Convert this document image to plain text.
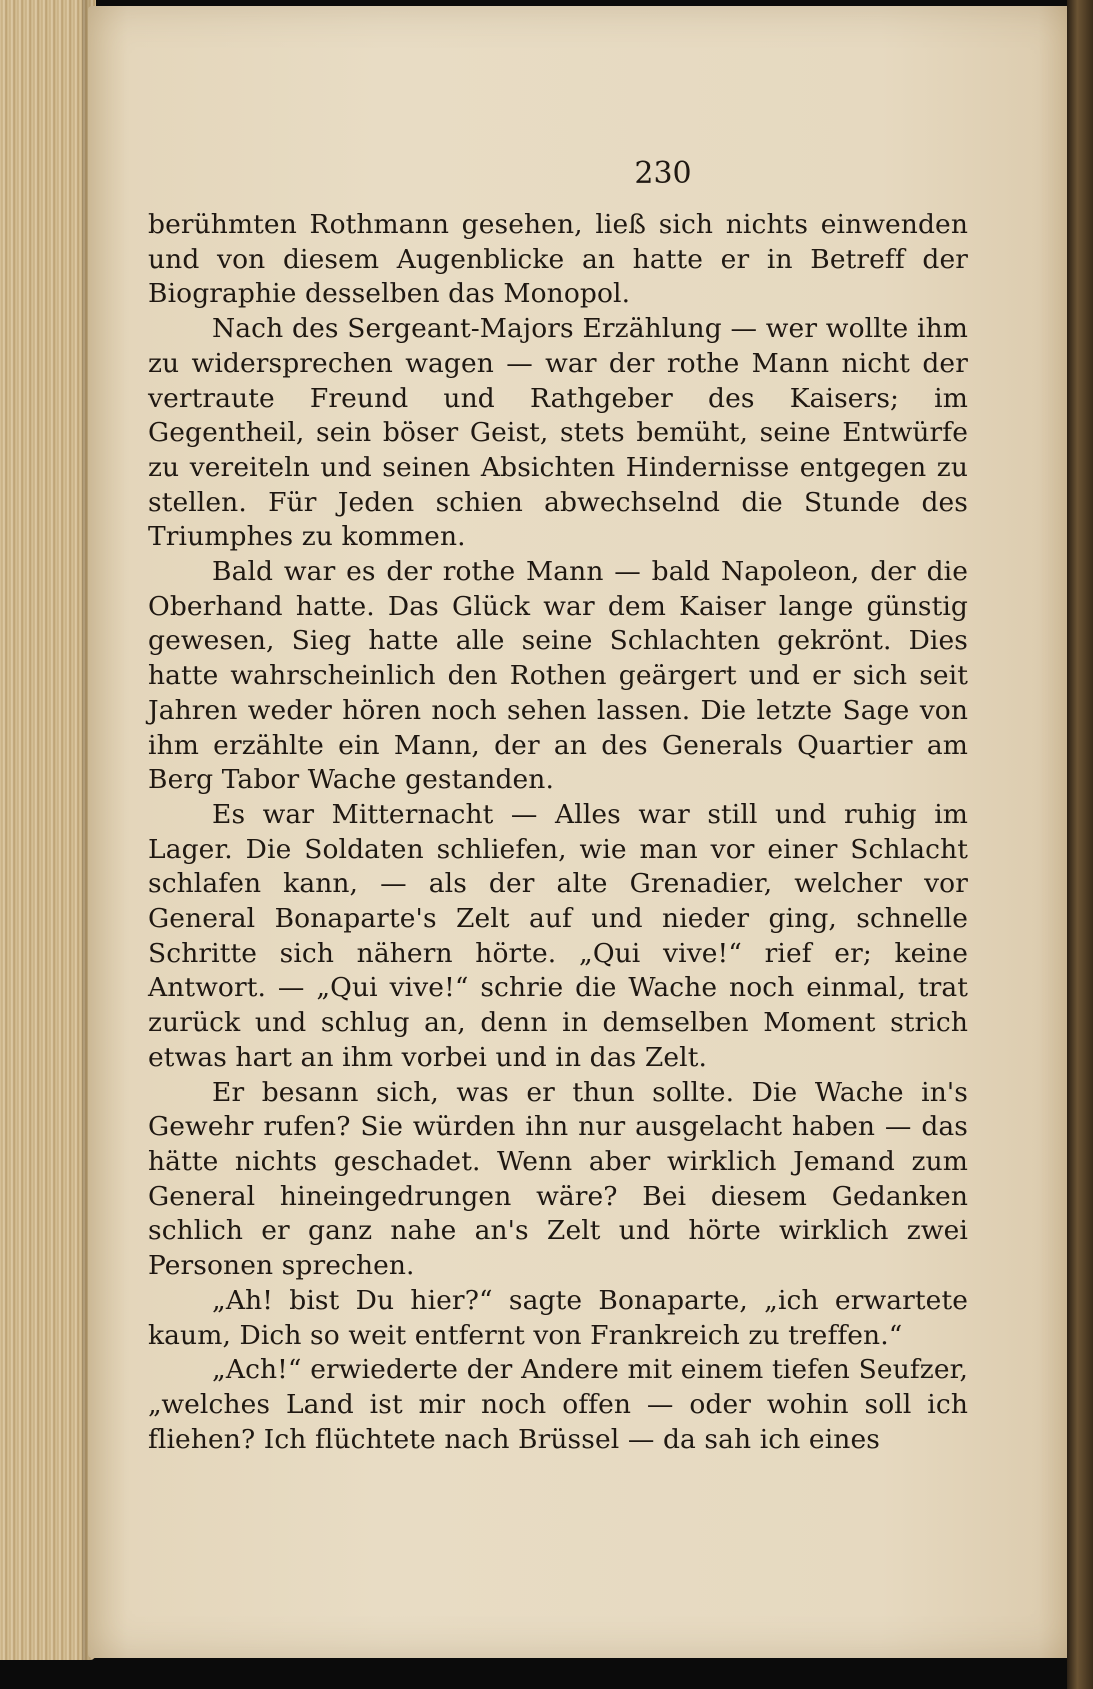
230

berühmten Rothmann gesehen, ließ sich nichts einwenden und von diesem Augenblicke an hatte er in Betreff der Biographie desselben das Monopol.

Nach des Sergeant-Majors Erzählung — wer wollte ihm zu widersprechen wagen — war der rothe Mann nicht der vertraute Freund und Rathgeber des Kaisers; im Gegentheil, sein böser Geist, stets bemüht, seine Entwürfe zu vereiteln und seinen Absichten Hindernisse entgegen zu stellen. Für Jeden schien abwechselnd die Stunde des Triumphes zu kommen.

Bald war es der rothe Mann — bald Napoleon, der die Oberhand hatte. Das Glück war dem Kaiser lange günstig gewesen, Sieg hatte alle seine Schlachten gekrönt. Dies hatte wahrscheinlich den Rothen geärgert und er sich seit Jahren weder hören noch sehen lassen. Die letzte Sage von ihm erzählte ein Mann, der an des Generals Quartier am Berg Tabor Wache gestanden.

Es war Mitternacht — Alles war still und ruhig im Lager. Die Soldaten schliefen, wie man vor einer Schlacht schlafen kann, — als der alte Grenadier, welcher vor General Bonaparte's Zelt auf und nieder ging, schnelle Schritte sich nähern hörte. „Qui vive!“ rief er; keine Antwort. — „Qui vive!“ schrie die Wache noch einmal, trat zurück und schlug an, denn in demselben Moment strich etwas hart an ihm vorbei und in das Zelt.

Er besann sich, was er thun sollte. Die Wache in's Gewehr rufen? Sie würden ihn nur ausgelacht haben — das hätte nichts geschadet. Wenn aber wirklich Jemand zum General hineingedrungen wäre? Bei diesem Gedanken schlich er ganz nahe an's Zelt und hörte wirklich zwei Personen sprechen.

„Ah! bist Du hier?“ sagte Bonaparte, „ich erwartete kaum, Dich so weit entfernt von Frankreich zu treffen.“

„Ach!“ erwiederte der Andere mit einem tiefen Seufzer, „welches Land ist mir noch offen — oder wohin soll ich fliehen? Ich flüchtete nach Brüssel — da sah ich eines
